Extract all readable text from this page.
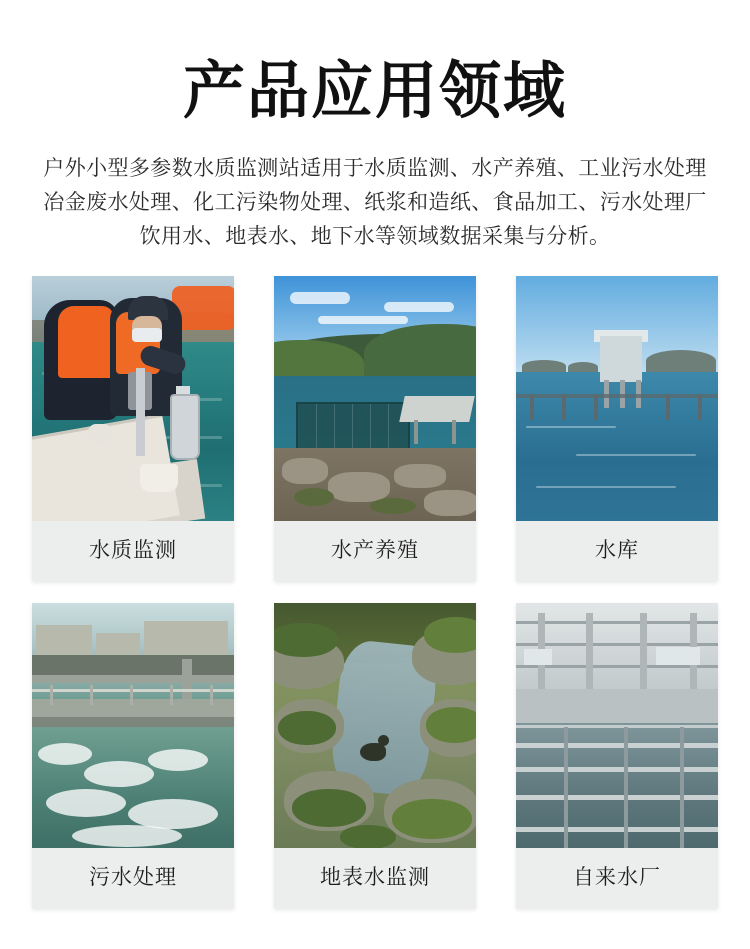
产品应用领域
户外小型多参数水质监测站适用于水质监测、水产养殖、工业污水处理
冶金废水处理、化工污染物处理、纸浆和造纸、食品加工、污水处理厂
饮用水、地表水、地下水等领域数据采集与分析。
水质监测	水产养殖	水库
污水处理	地表水监测	自来水厂
